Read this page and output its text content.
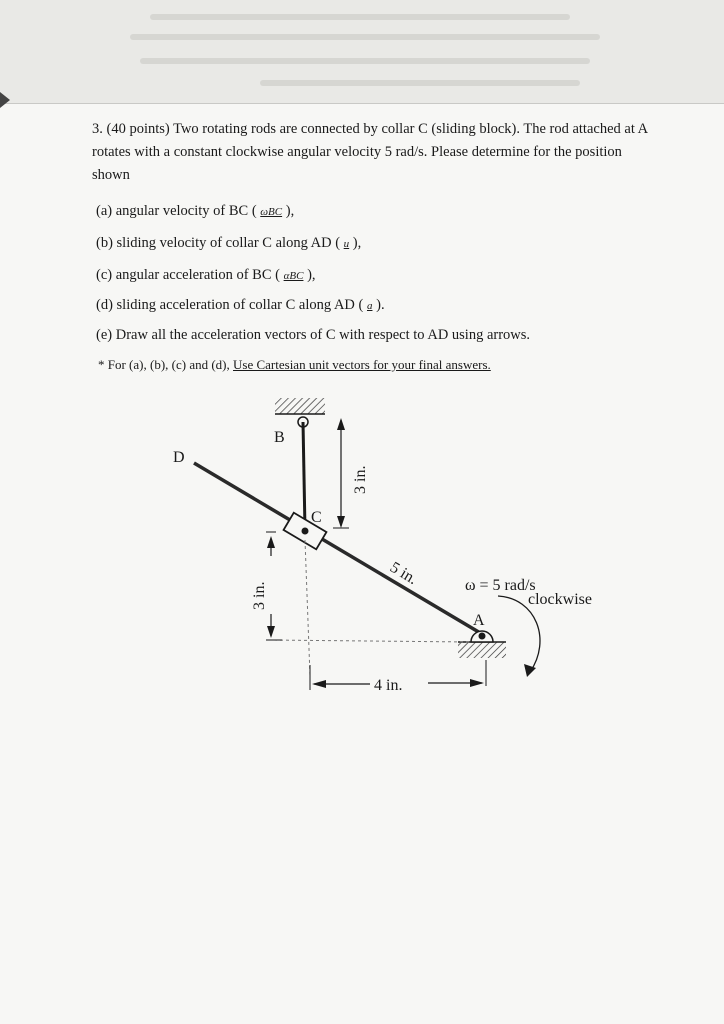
3. (40 points) Two rotating rods are connected by collar C (sliding block). The rod attached at A
rotates with a constant clockwise angular velocity 5 rad/s. Please determine for the position
shown
(a) angular velocity of BC ( ωBC ),
(b) sliding velocity of collar C along AD ( u ),
(c) angular acceleration of BC ( αBC ),
(d) sliding acceleration of collar C along AD ( a ).
(e) Draw all the acceleration vectors of C with respect to AD using arrows.
* For (a), (b), (c) and (d), Use Cartesian unit vectors for your final answers.
B
C
D
A
3 in.
3 in.
4 in.
5 in.	ω = 5 rad/s
clockwise
